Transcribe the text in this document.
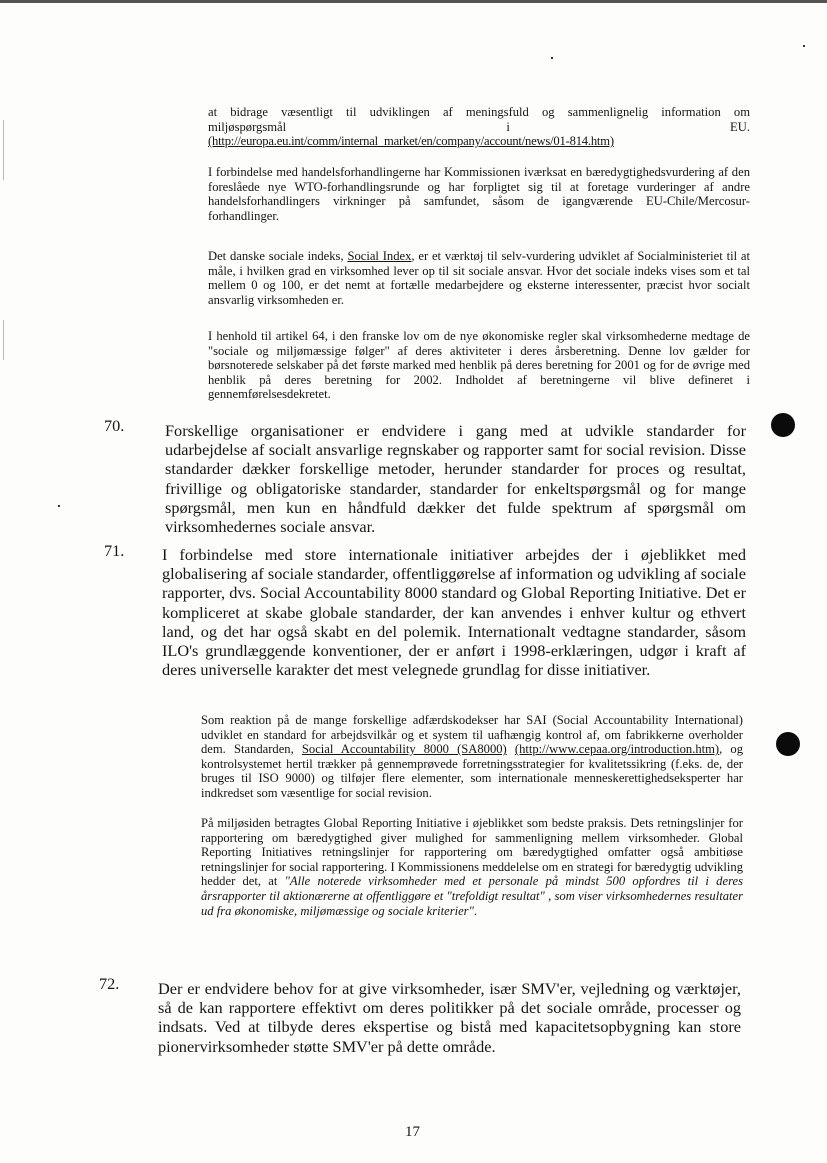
at bidrage væsentligt til udviklingen af meningsfuld og sammenlignelig information om
miljøspørgsmål	i	EU.
(http://europa.eu.int/comm/internal_market/en/company/account/news/01-814.htm)
I forbindelse med handelsforhandlingerne har Kommissionen iværksat en bæredygtighedsvurdering af den foreslåede nye WTO-forhandlingsrunde og har forpligtet sig til at foretage vurderinger af andre handelsforhandlingers virkninger på samfundet, såsom de igangværende EU-Chile/Mercosur-forhandlinger.
Det danske sociale indeks, Social Index, er et værktøj til selv-vurdering udviklet af Socialministeriet til at måle, i hvilken grad en virksomhed lever op til sit sociale ansvar. Hvor det sociale indeks vises som et tal mellem 0 og 100, er det nemt at fortælle medarbejdere og eksterne interessenter, præcist hvor socialt ansvarlig virksomheden er.
I henhold til artikel 64, i den franske lov om de nye økonomiske regler skal virksomhederne medtage de "sociale og miljømæssige følger" af deres aktiviteter i deres årsberetning. Denne lov gælder for børsnoterede selskaber på det første marked med henblik på deres beretning for 2001 og for de øvrige med henblik på deres beretning for 2002. Indholdet af beretningerne vil blive defineret i gennemførelsesdekretet.
70. Forskellige organisationer er endvidere i gang med at udvikle standarder for udarbejdelse af socialt ansvarlige regnskaber og rapporter samt for social revision. Disse standarder dækker forskellige metoder, herunder standarder for proces og resultat, frivillige og obligatoriske standarder, standarder for enkeltspørgsmål og for mange spørgsmål, men kun en håndfuld dækker det fulde spektrum af spørgsmål om virksomhedernes sociale ansvar.
71. I forbindelse med store internationale initiativer arbejdes der i øjeblikket med globalisering af sociale standarder, offentliggørelse af information og udvikling af sociale rapporter, dvs. Social Accountability 8000 standard og Global Reporting Initiative. Det er kompliceret at skabe globale standarder, der kan anvendes i enhver kultur og ethvert land, og det har også skabt en del polemik. Internationalt vedtagne standarder, såsom ILO's grundlæggende konventioner, der er anført i 1998-erklæringen, udgør i kraft af deres universelle karakter det mest velegnede grundlag for disse initiativer.
Som reaktion på de mange forskellige adfærdskodekser har SAI (Social Accountability International) udviklet en standard for arbejdsvilkår og et system til uafhængig kontrol af, om fabrikkerne overholder dem. Standarden, Social Accountability 8000 (SA8000) (http://www.cepaa.org/introduction.htm), og kontrolsystemet hertil trækker på gennemprøvede forretningsstrategier for kvalitetssikring (f.eks. de, der bruges til ISO 9000) og tilføjer flere elementer, som internationale menneskerettighedseksperter har indkredset som væsentlige for social revision.
På miljøsiden betragtes Global Reporting Initiative i øjeblikket som bedste praksis. Dets retningslinjer for rapportering om bæredygtighed giver mulighed for sammenligning mellem virksomheder. Global Reporting Initiatives retningslinjer for rapportering om bæredygtighed omfatter også ambitiøse retningslinjer for social rapportering. I Kommissionens meddelelse om en strategi for bæredygtig udvikling hedder det, at "Alle noterede virksomheder med et personale på mindst 500 opfordres til i deres årsrapporter til aktionærerne at offentliggøre et "trefoldigt resultat" , som viser virksomhedernes resultater ud fra økonomiske, miljømæssige og sociale kriterier".
72. Der er endvidere behov for at give virksomheder, især SMV'er, vejledning og værktøjer, så de kan rapportere effektivt om deres politikker på det sociale område, processer og indsats. Ved at tilbyde deres ekspertise og bistå med kapacitetsopbygning kan store pionervirksomheder støtte SMV'er på dette område.
17
